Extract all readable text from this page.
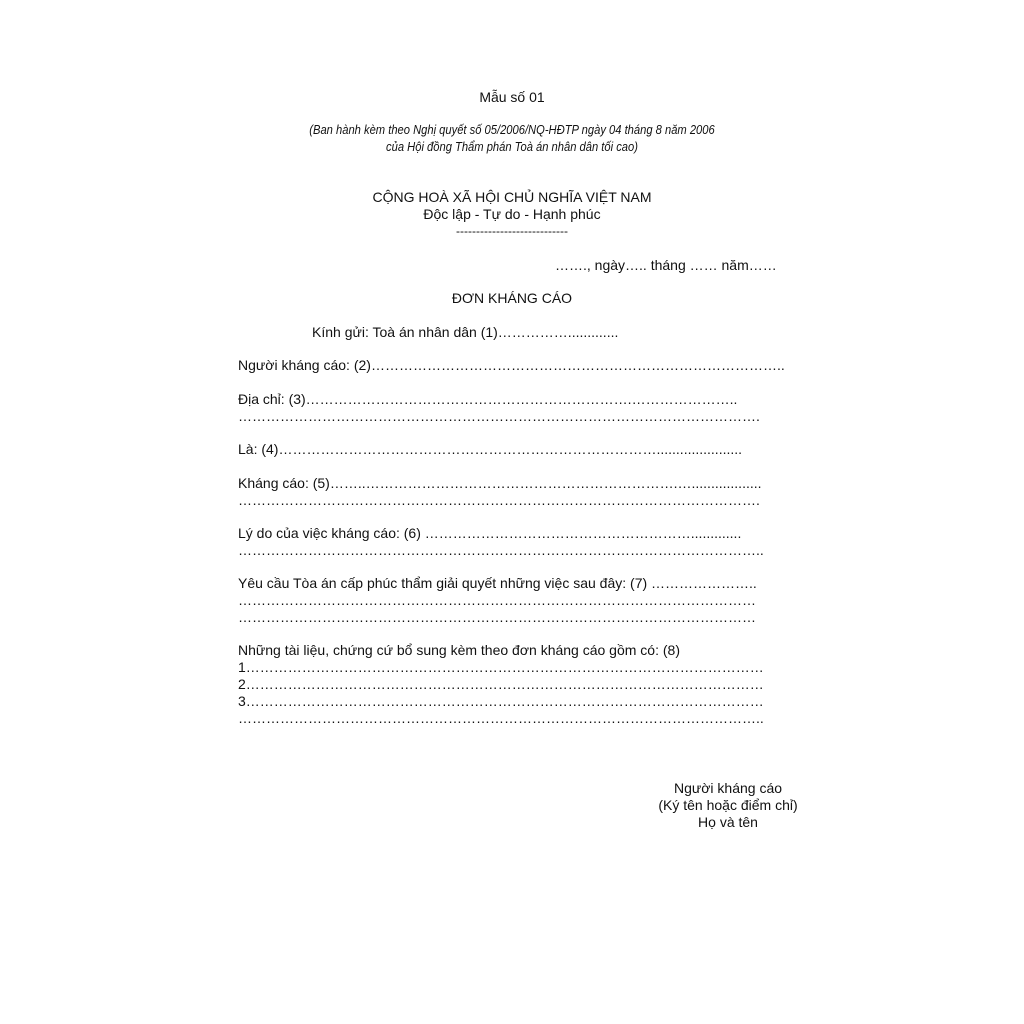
Mẫu số 01
(Ban hành kèm theo Nghị quyết số 05/2006/NQ-HĐTP ngày 04 tháng 8 năm 2006
của Hội đồng Thẩm phán Toà án nhân dân tối cao)
CỘNG HOÀ XÃ HỘI CHỦ NGHĨA VIỆT NAM
Độc lập - Tự do - Hạnh phúc
----------------------------
……., ngày….. tháng …… năm……
ĐƠN KHÁNG CÁO
Kính gửi: Toà án nhân dân (1)…………….............
Người kháng cáo: (2)……………………………………………………………………………..
Địa chỉ: (3)…………………………………………………………….…………………..
………………………………………………………………………………………………….
Là: (4)………………………………………………………………………......................
Kháng cáo: (5)……..………………………………………………………….…..................
………………………………………………………………………………………………….
Lý do của việc kháng cáo: (6) ………………………………………………….............
…………………………………………………………………………………………………..
Yêu cầu Tòa án cấp phúc thẩm giải quyết những việc sau đây: (7) …………………..
…………………………………………………………………………………………………
…………………………………………………………………………………………………
Những tài liệu, chứng cứ bổ sung kèm theo đơn kháng cáo gồm có: (8)
1…………………………………………………………………………………………………
2…………………………………………………………………………………………………
3…………………………………………………………………………………………………
…………………………………………………………………………………………………..
Người kháng cáo
(Ký tên hoặc điểm chỉ)
Họ và tên
